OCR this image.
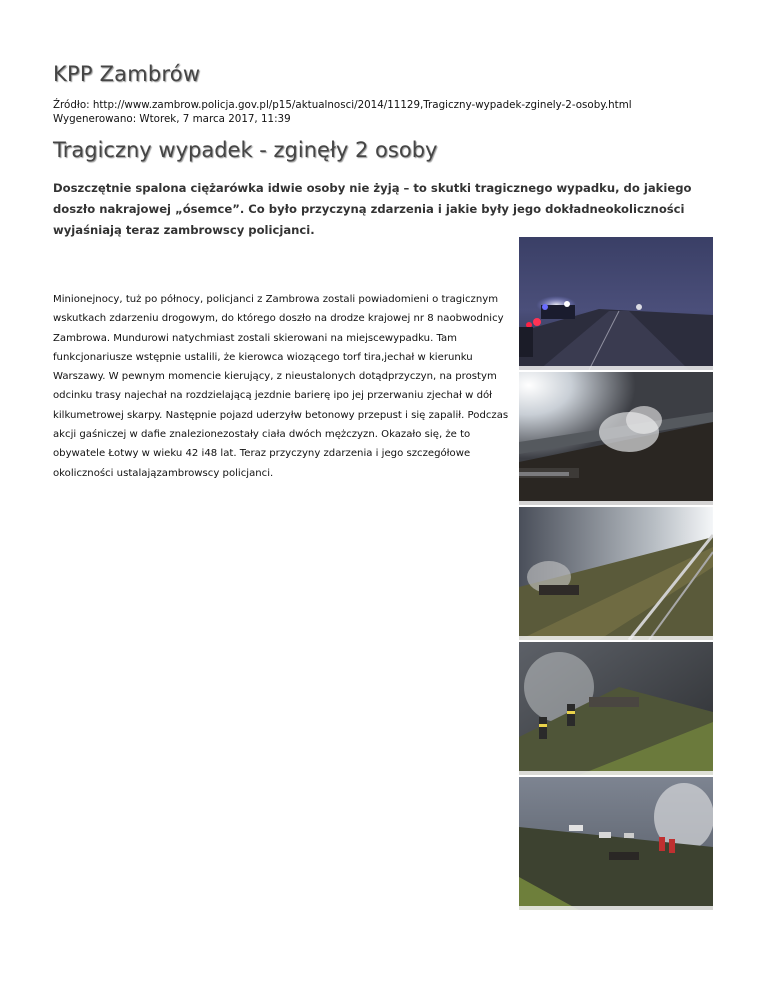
KPP Zambrów
Źródło: http://www.zambrow.policja.gov.pl/p15/aktualnosci/2014/11129,Tragiczny-wypadek-zginely-2-osoby.html
Wygenerowano: Wtorek, 7 marca 2017, 11:39
Tragiczny wypadek - zginęły 2 osoby
Doszczętnie spalona ciężarówka idwie osoby nie żyją – to skutki tragicznego wypadku, do jakiego doszło nakrajowej „ósemce”. Co było przyczyną zdarzenia i jakie były jego dokładneokoliczności wyjaśniają teraz zambrowscy policjanci.
Minionejnocy, tuż po północy, policjanci z Zambrowa zostali powiadomieni o tragicznym wskutkach zdarzeniu drogowym, do którego doszło na drodze krajowej nr 8 naobwodnicy Zambrowa. Mundurowi natychmiast zostali skierowani na miejscewypadku. Tam funkcjonariusze wstępnie ustalili, że kierowca wiozącego torf tira,jechał w kierunku Warszawy. W pewnym momencie kierujący, z nieustalonych dotądprzyczyn, na prostym odcinku trasy najechał na rozdzielającą jezdnie barierę ipo jej przerwaniu zjechał w dół kilkumetrowej skarpy. Następnie pojazd uderzyłw betonowy przepust i się zapalił. Podczas akcji gaśniczej w dafie znalezionezostały ciała dwóch mężczyzn. Okazało się, że to obywatele Łotwy w wieku 42 i48 lat. Teraz przyczyny zdarzenia i jego szczegółowe okoliczności ustalajązambrowscy policjanci.
